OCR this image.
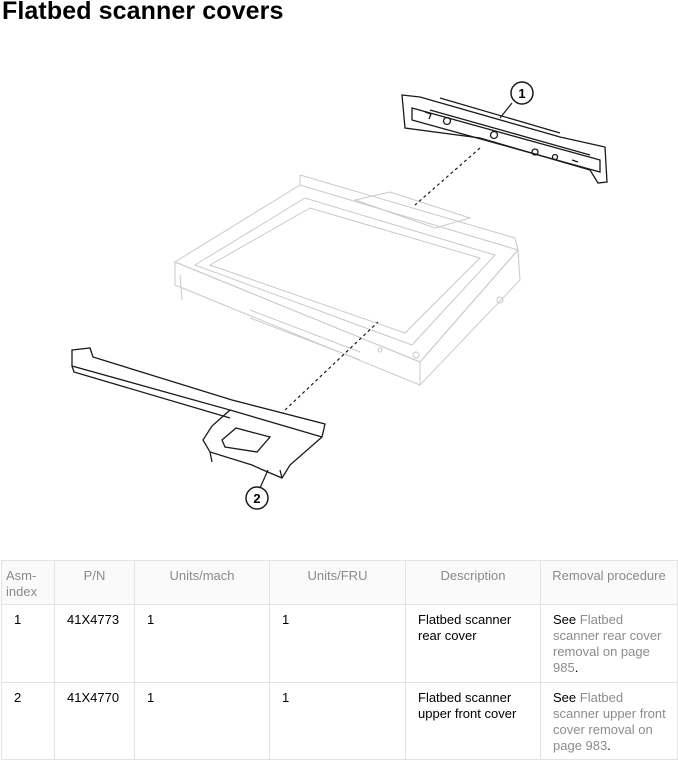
Flatbed scanner covers
1
2
Asm-
index	P/N	Units/mach	Units/FRU	Description	Removal procedure
1	41X4773	1	1	Flatbed scanner rear cover	See Flatbed scanner rear cover removal on page 985.
2	41X4770	1	1	Flatbed scanner upper front cover	See Flatbed scanner upper front cover removal on page 983.
